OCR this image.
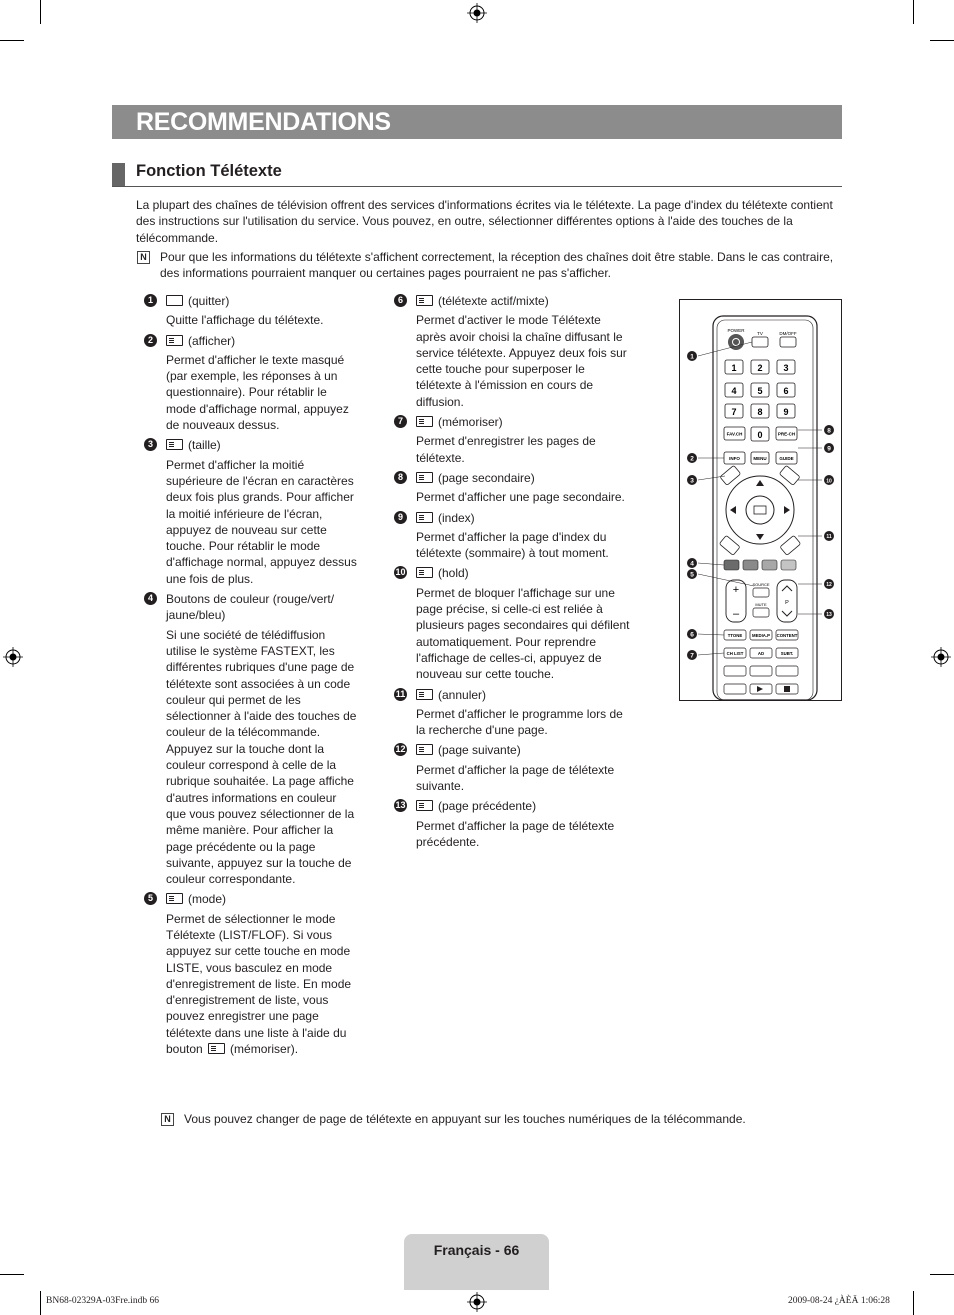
RECOMMENDATIONS
Fonction Télétexte

La plupart des chaînes de télévision offrent des services d'informations écrites via le télétexte. La page d'index du télétexte contient des instructions sur l'utilisation du service. Vous pouvez, en outre, sélectionner différentes options à l'aide des touches de la télécommande.

N Pour que les informations du télétexte s'affichent correctement, la réception des chaînes doit être stable. Dans le cas contraire, des informations pourraient manquer ou certaines pages pourraient ne pas s'afficher.
1	(quitter)
Quitte l'affichage du télétexte.
2	(afficher)
Permet d'afficher le texte masqué (par exemple, les réponses à un questionnaire). Pour rétablir le mode d'affichage normal, appuyez de nouveaux dessus.
3	(taille)
Permet d'afficher la moitié supérieure de l'écran en caractères deux fois plus grands. Pour afficher la moitié inférieure de l'écran, appuyez de nouveau sur cette touche. Pour rétablir le mode d'affichage normal, appuyez dessus une fois de plus.
4	Boutons de couleur (rouge/vert/ jaune/bleu)
Si une société de télédiffusion utilise le système FASTEXT, les différentes rubriques d'une page de télétexte sont associées à un code couleur qui permet de les sélectionner à l'aide des touches de couleur de la télécommande. Appuyez sur la touche dont la couleur correspond à celle de la rubrique souhaitée. La page affiche d'autres informations en couleur que vous pouvez sélectionner de la même manière. Pour afficher la page précédente ou la page suivante, appuyez sur la touche de couleur correspondante.
5	(mode)
Permet de sélectionner le mode Télétexte (LIST/FLOF). Si vous appuyez sur cette touche en mode LISTE, vous basculez en mode d'enregistrement de liste. En mode d'enregistrement de liste, vous pouvez enregistrer une page télétexte dans une liste à l'aide du bouton (mémoriser).
6	(télétexte actif/mixte)
Permet d'activer le mode Télétexte après avoir choisi la chaîne diffusant le service télétexte. Appuyez deux fois sur cette touche pour superposer le télétexte à l'émission en cours de diffusion.
7	(mémoriser)
Permet d'enregistrer les pages de télétexte.
8	(page secondaire)
Permet d'afficher une page secondaire.
9	(index)
Permet d'afficher la page d'index du télétexte (sommaire) à tout moment.
10	(hold)
Permet de bloquer l'affichage sur une page précise, si celle-ci est reliée à plusieurs pages secondaires qui défilent automatiquement. Pour reprendre l'affichage de celles-ci, appuyez de nouveau sur cette touche.
11	(annuler)
Permet d'afficher le programme lors de la recherche d'une page.
12	(page suivante)
Permet d'afficher la page de télétexte suivante.
13	(page précédente)
Permet d'afficher la page de télétexte précédente.
POWER
TV	DM/OFF
1 2 3
4 5 6
7 8 9
0
FAV.CH	PRE-CH
INFO	MENU	GUIDE
+
–
P
SOURCE
MUTE
TTONE MEDIA.P CONTENT
CH LIST	AD	SUBT.
1
2
3
4
5
6
7
8
9
10
11
12
13
N Vous pouvez changer de page de télétexte en appuyant sur les touches numériques de la télécommande.
Français - 66
BN68-02329A-03Fre.indb 66	2009-08-24 ¿ÀÈÄ 1:06:28
